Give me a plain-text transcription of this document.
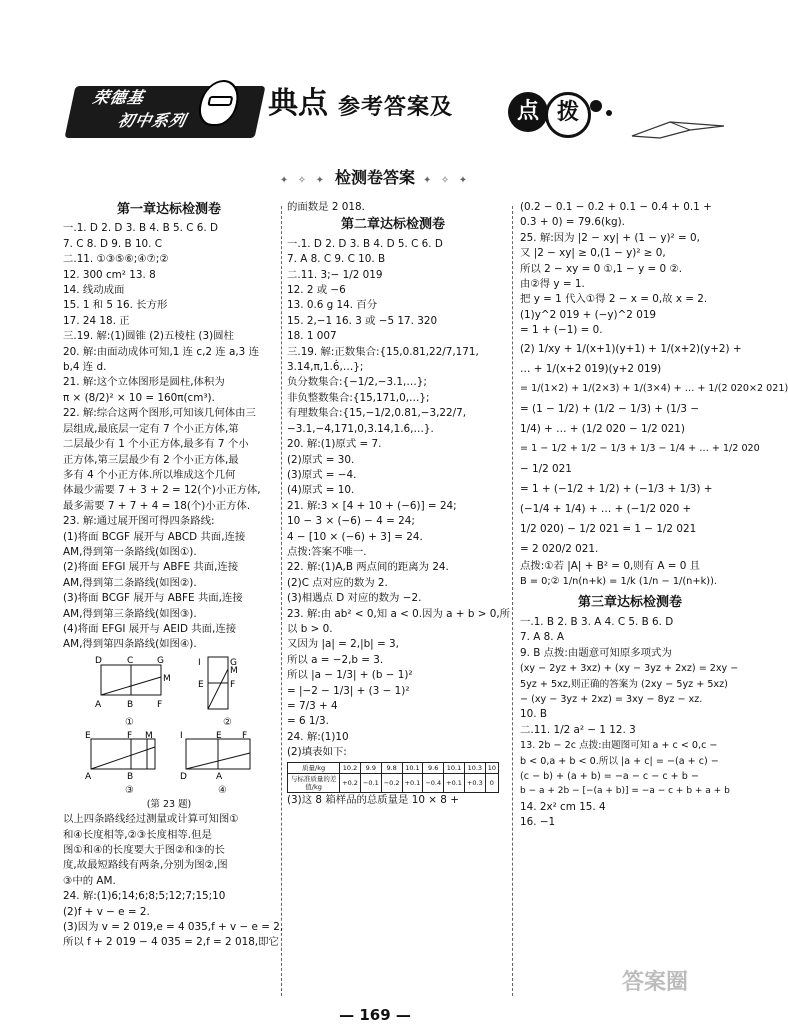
荣德基
初中系列	典点 参考答案及	点 拨
✦ ✧ ✦ 检测卷答案 ✦ ✧ ✦
第一章达标检测卷
一.1. D 2. D 3. B 4. B 5. C 6. D
7. C 8. D 9. B 10. C
二.11. ①③⑤⑥;④⑦;②
12. 300 cm² 13. 8
14. 线动成面
15. 1 和 5 16. 长方形
17. 24 18. 正
三.19. 解:(1)圆锥 (2)五棱柱 (3)圆柱
20. 解:由面动成体可知,1 连 c,2 连 a,3 连
b,4 连 d.
21. 解:这个立体图形是圆柱,体积为
π × (8/2)² × 10 = 160π(cm³).
22. 解:综合这两个图形,可知该几何体由三
层组成,最底层一定有 7 个小正方体,第
二层最少有 1 个小正方体,最多有 7 个小
正方体,第三层最少有 2 个小正方体,最
多有 4 个小正方体.所以堆成这个几何
体最少需要 7 + 3 + 2 = 12(个)小正方体,
最多需要 7 + 7 + 4 = 18(个)小正方体.
23. 解:通过展开图可得四条路线:
(1)将面 BCGF 展开与 ABCD 共面,连接
AM,得到第一条路线(如图①).
(2)将面 EFGI 展开与 ABFE 共面,连接
AM,得到第二条路线(如图②).
(3)将面 BCGF 展开与 ABFE 共面,连接
AM,得到第三条路线(如图③).
(4)将面 EFGI 展开与 AEID 共面,连接
AM,得到第四条路线(如图④).
D	C	G
A	B	F
M
I	G
E	F
M
①	②
E	F M
A	B
I	E F
D	A
③	④
(第 23 题)
以上四条路线经过测量或计算可知图①
和④长度相等,②③长度相等.但是
图①和④的长度要大于图②和③的长
度,故最短路线有两条,分别为图②,图
③中的 AM.
24. 解:(1)6;14;6;8;5;12;7;15;10
(2)f + v − e = 2.
(3)因为 v = 2 019,e = 4 035,f + v − e = 2,
所以 f + 2 019 − 4 035 = 2,f = 2 018,即它
的面数是 2 018.
第二章达标检测卷
一.1. D 2. D 3. B 4. D 5. C 6. D
7. A 8. C 9. C 10. B
二.11. 3;− 1/2 019
12. 2 或 −6
13. 0.6 g 14. 百分
15. 2,−1 16. 3 或 −5 17. 320
18. 1 007
三.19. 解:正数集合:{15,0.81,22/7,171,
3.14,π,1.6̇,…};
负分数集合:{−1/2,−3.1,…};
非负整数集合:{15,171,0,…};
有理数集合:{15,−1/2,0.81,−3,22/7,
−3.1,−4,171,0,3.14,1.6̇,…}.
20. 解:(1)原式 = 7.
(2)原式 = 30.
(3)原式 = −4.
(4)原式 = 10.
21. 解:3 × [4 + 10 + (−6)] = 24;
10 − 3 × (−6) − 4 = 24;
4 − [10 × (−6) + 3] = 24.
点拨:答案不唯一.
22. 解:(1)A,B 两点间的距离为 24.
(2)C 点对应的数为 2.
(3)相遇点 D 对应的数为 −2.
23. 解:由 ab² < 0,知 a < 0.因为 a + b > 0,所
以 b > 0.
又因为 |a| = 2,|b| = 3,
所以 a = −2,b = 3.
所以 |a − 1/3| + (b − 1)²
= |−2 − 1/3| + (3 − 1)²
= 7/3 + 4
= 6 1/3.
24. 解:(1)10
(2)填表如下:
质量/kg	10.2	9.9	9.8	10.1	9.6	10.1	10.3	10
与标准质量的差值/kg	+0.2	−0.1	−0.2	+0.1	−0.4	+0.1	+0.3	0
(3)这 8 箱样品的总质量是 10 × 8 +
(0.2 − 0.1 − 0.2 + 0.1 − 0.4 + 0.1 +
0.3 + 0) = 79.6(kg).
25. 解:因为 |2 − xy| + (1 − y)² = 0,
又 |2 − xy| ≥ 0,(1 − y)² ≥ 0,
所以 2 − xy = 0 ①,1 − y = 0 ②.
由②得 y = 1.
把 y = 1 代入①得 2 − x = 0,故 x = 2.
(1)y^2 019 + (−y)^2 019
= 1 + (−1) = 0.
(2) 1/xy + 1/(x+1)(y+1) + 1/(x+2)(y+2) +
… + 1/(x+2 019)(y+2 019)
= 1/(1×2) + 1/(2×3) + 1/(3×4) + … + 1/(2 020×2 021)
= (1 − 1/2) + (1/2 − 1/3) + (1/3 −
1/4) + … + (1/2 020 − 1/2 021)
= 1 − 1/2 + 1/2 − 1/3 + 1/3 − 1/4 + … + 1/2 020
− 1/2 021
= 1 + (−1/2 + 1/2) + (−1/3 + 1/3) +
(−1/4 + 1/4) + … + (−1/2 020 +
1/2 020) − 1/2 021 = 1 − 1/2 021
= 2 020/2 021.
点拨:①若 |A| + B² = 0,则有 A = 0 且
B = 0;② 1/n(n+k) = 1/k (1/n − 1/(n+k)).
第三章达标检测卷
一.1. B 2. B 3. A 4. C 5. B 6. D
7. A 8. A
9. B 点拨:由题意可知原多项式为
(xy − 2yz + 3xz) + (xy − 3yz + 2xz) = 2xy −
5yz + 5xz,则正确的答案为 (2xy − 5yz + 5xz)
− (xy − 3yz + 2xz) = 3xy − 8yz − xz.
10. B
二.11. 1/2 a² − 1 12. 3
13. 2b − 2c 点拨:由题图可知 a + c < 0,c −
b < 0,a + b < 0.所以 |a + c| = −(a + c) −
(c − b) + (a + b) = −a − c − c + b −
b − a + 2b − [−(a + b)] = −a − c + b + a + b
14. 2x² cm 15. 4
16. −1
— 169 —
答案圈
